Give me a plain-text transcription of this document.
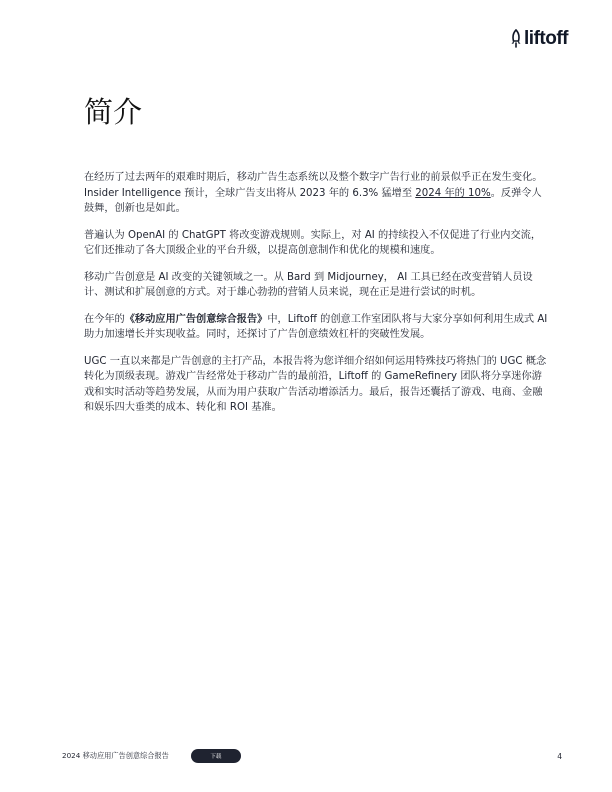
liftoff
简介

在经历了过去两年的艰难时期后，移动广告生态系统以及整个数字广告行业的前景似乎正在发生变化。Insider Intelligence 预计，全球广告支出将从 2023 年的 6.3% 猛增至 2024 年的 10%。反弹令人鼓舞，创新也是如此。

普遍认为 OpenAI 的 ChatGPT 将改变游戏规则。实际上，对 AI 的持续投入不仅促进了行业内交流，它们还推动了各大顶级企业的平台升级，以提高创意制作和优化的规模和速度。

移动广告创意是 AI 改变的关键领域之一。从 Bard 到 Midjourney， AI 工具已经在改变营销人员设计、测试和扩展创意的方式。对于雄心勃勃的营销人员来说，现在正是进行尝试的时机。

在今年的《移动应用广告创意综合报告》中，Liftoff 的创意工作室团队将与大家分享如何利用生成式 AI 助力加速增长并实现收益。同时，还探讨了广告创意绩效杠杆的突破性发展。

UGC 一直以来都是广告创意的主打产品，本报告将为您详细介绍如何运用特殊技巧将热门的 UGC 概念转化为顶级表现。游戏广告经常处于移动广告的最前沿，Liftoff 的 GameRefinery 团队将分享迷你游戏和实时活动等趋势发展，从而为用户获取广告活动增添活力。最后，报告还囊括了游戏、电商、金融和娱乐四大垂类的成本、转化和 ROI 基准。

2024 移动应用广告创意综合报告	下载	4
